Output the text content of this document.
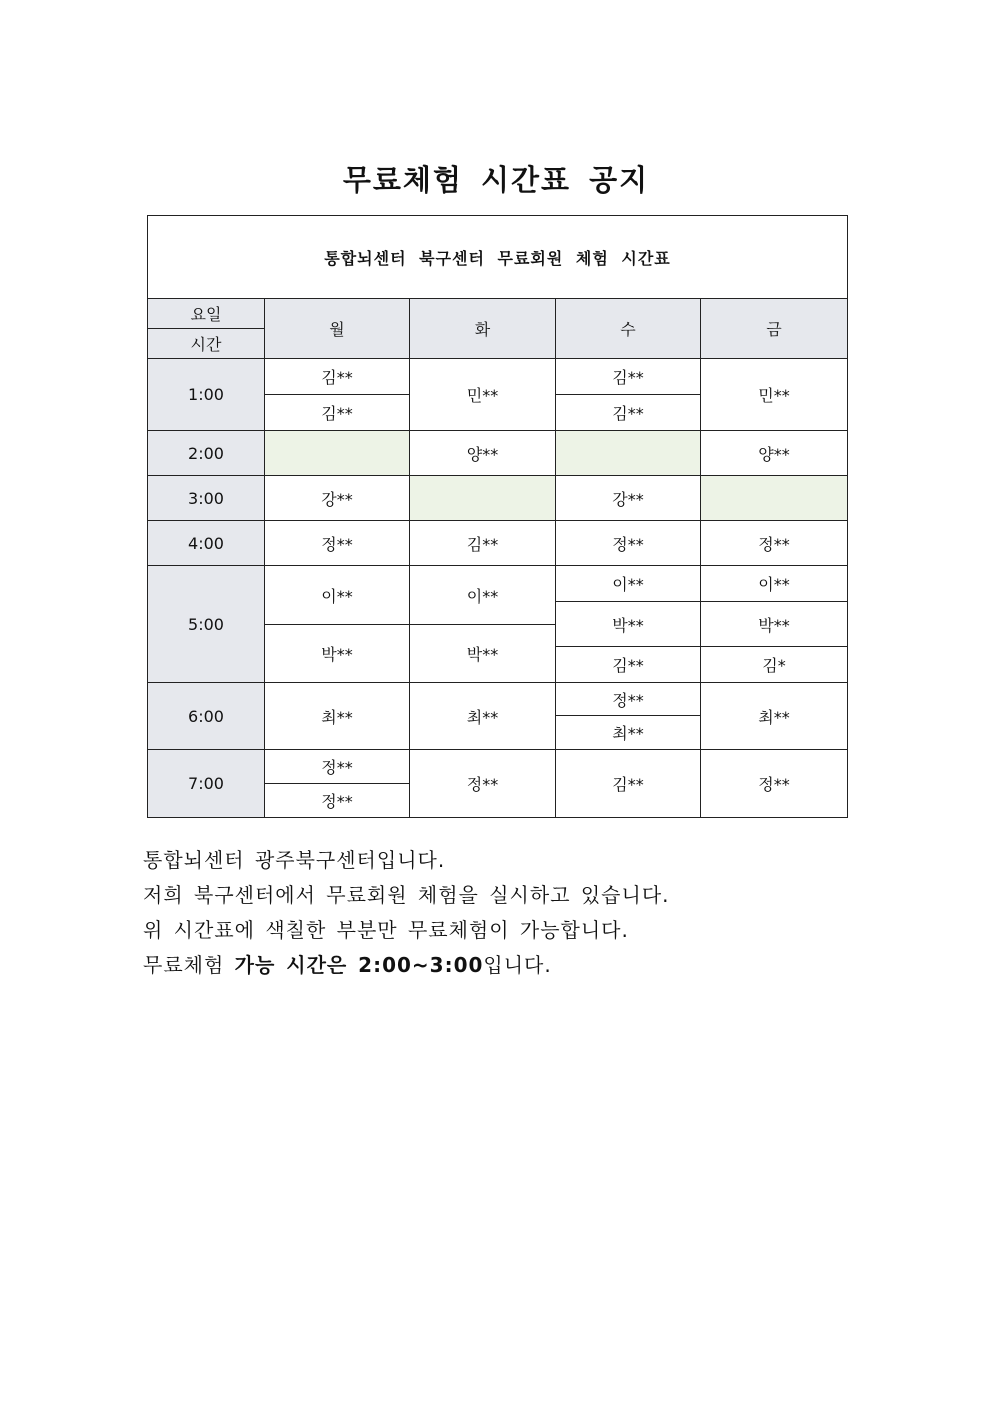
무료체험 시간표 공지
통합뇌센터 북구센터 무료회원 체험 시간표				
요일	월	화	수	금
시간				
1:00	김**	민**	김**	민**
	김**		김**	
2:00		양**		양**
3:00	강**		강**	
4:00	정**	김**	정**	정**
5:00	이**	이**	이**	이**
			박**	박**
	박**	박**		
			김**	김*
6:00	최**	최**	정**	최**
			최**	
7:00	정**	정**	김**	정**
	정**			

통합뇌센터 광주북구센터입니다.

저희 북구센터에서 무료회원 체험을 실시하고 있습니다.

위 시간표에 색칠한 부분만 무료체험이 가능합니다.

무료체험 가능 시간은 2:00~3:00입니다.
